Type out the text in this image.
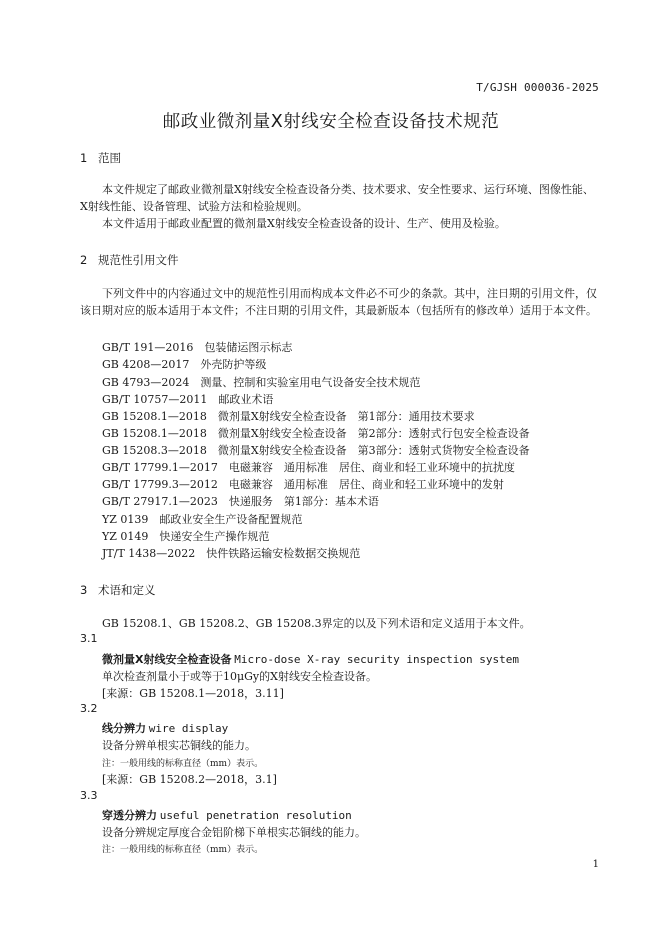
T/GJSH 000036-2025
邮政业微剂量X射线安全检查设备技术规范
1 范围
本文件规定了邮政业微剂量X射线安全检查设备分类、技术要求、安全性要求、运行环境、图像性能、X射线性能、设备管理、试验方法和检验规则。
本文件适用于邮政业配置的微剂量X射线安全检查设备的设计、生产、使用及检验。
2 规范性引用文件
下列文件中的内容通过文中的规范性引用而构成本文件必不可少的条款。其中，注日期的引用文件，仅该日期对应的版本适用于本文件；不注日期的引用文件，其最新版本（包括所有的修改单）适用于本文件。
GB/T 191—2016　包装储运图示标志
GB 4208—2017　外壳防护等级
GB 4793—2024　测量、控制和实验室用电气设备安全技术规范
GB/T 10757—2011　邮政业术语
GB 15208.1—2018　微剂量X射线安全检查设备　第1部分：通用技术要求
GB 15208.1—2018　微剂量X射线安全检查设备　第2部分：透射式行包安全检查设备
GB 15208.3—2018　微剂量X射线安全检查设备　第3部分：透射式货物安全检查设备
GB/T 17799.1—2017　电磁兼容　通用标准　居住、商业和轻工业环境中的抗扰度
GB/T 17799.3—2012　电磁兼容　通用标准　居住、商业和轻工业环境中的发射
GB/T 27917.1—2023　快递服务　第1部分：基本术语
YZ 0139　邮政业安全生产设备配置规范
YZ 0149　快递安全生产操作规范
JT/T 1438—2022　快件铁路运输安检数据交换规范
3 术语和定义
GB 15208.1、GB 15208.2、GB 15208.3界定的以及下列术语和定义适用于本文件。
3.1
微剂量X射线安全检查设备 Micro-dose X-ray security inspection system
单次检查剂量小于或等于10μGy的X射线安全检查设备。
[来源：GB 15208.1—2018，3.11]
3.2
线分辨力 wire display
设备分辨单根实芯铜线的能力。
注：一般用线的标称直径（mm）表示。
[来源：GB 15208.2—2018，3.1]
3.3
穿透分辨力 useful penetration resolution
设备分辨规定厚度合金铝阶梯下单根实芯铜线的能力。
注：一般用线的标称直径（mm）表示。
1
